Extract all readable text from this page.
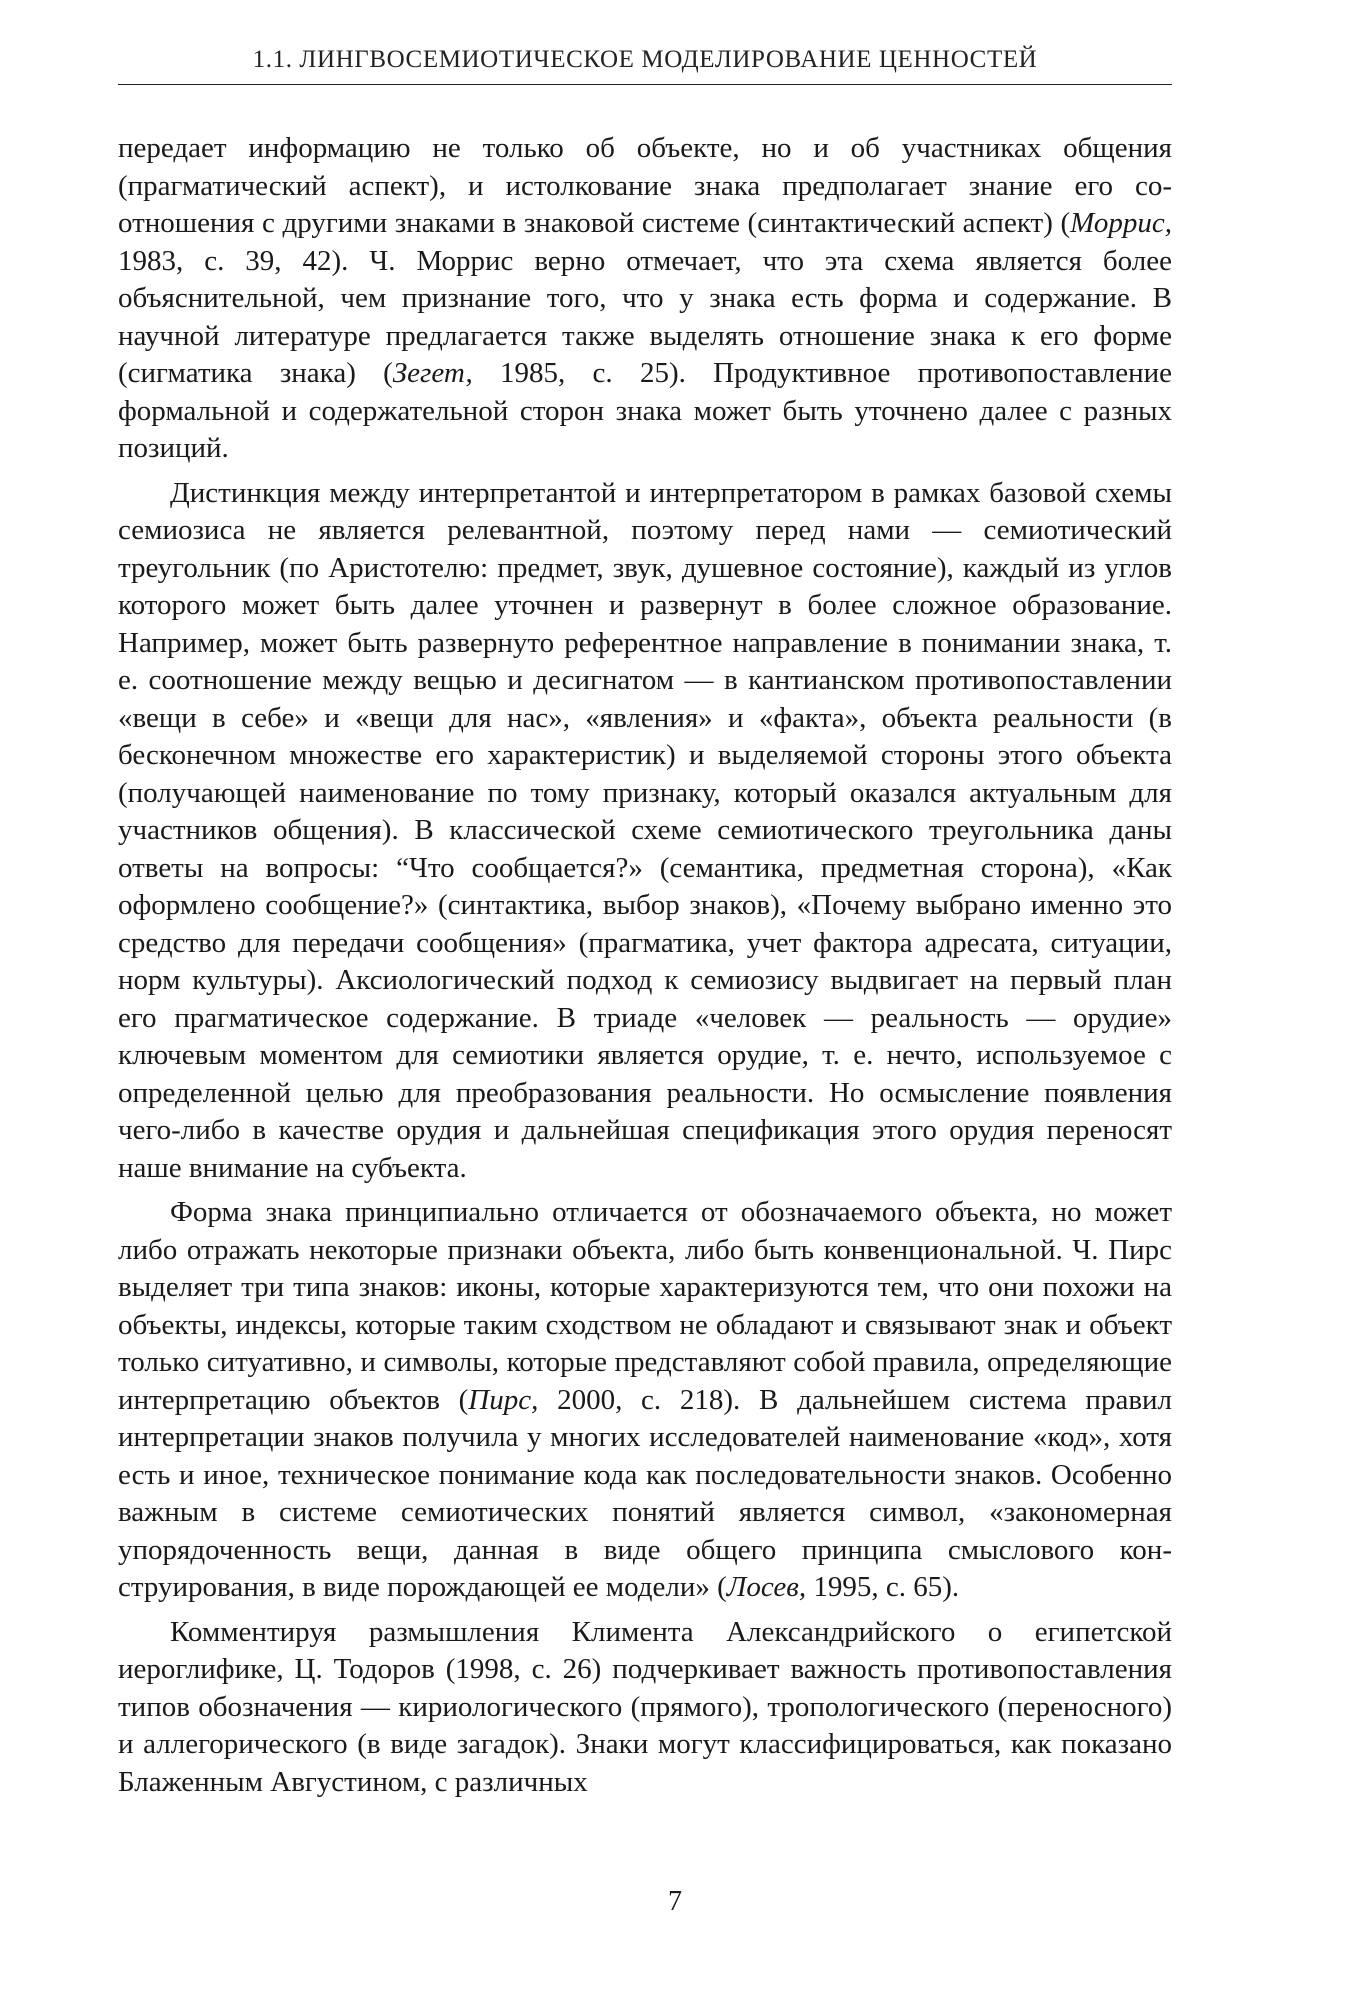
1.1. ЛИНГВОСЕМИОТИЧЕСКОЕ МОДЕЛИРОВАНИЕ ЦЕННОСТЕЙ

передает информацию не только об объекте, но и об участниках общения (прагматический аспект), и истолкование знака предполагает знание его соотношения с другими знаками в знаковой системе (синтактический аспект) (Моррис, 1983, с. 39, 42). Ч. Моррис верно отмечает, что эта схема является более объяснительной, чем признание того, что у знака есть форма и содержание. В научной литературе предлагается также выделять отношение знака к его форме (сигматика знака) (Зегет, 1985, с. 25). Продуктивное противопоставление формальной и содержательной сторон знака может быть уточнено далее с разных позиций.

Дистинкция между интерпретантой и интерпретатором в рамках базовой схемы семиозиса не является релевантной, поэтому перед нами — семиотический треугольник (по Аристотелю: предмет, звук, душевное состояние), каждый из углов которого может быть далее уточнен и развернут в более сложное образование. Например, может быть развернуто референтное направление в понимании знака, т. е. соотношение между вещью и десигнатом — в кантианском противопоставлении «вещи в себе» и «вещи для нас», «явления» и «факта», объекта реальности (в бесконечном множестве его характеристик) и выделяемой стороны этого объекта (получающей наименование по тому признаку, который оказался актуальным для участников общения). В классической схеме семиотического треугольника даны ответы на вопросы: “Что сообщается?» (семантика, предметная сторона), «Как оформлено сообщение?» (синтактика, выбор знаков), «Почему выбрано именно это средство для передачи сообщения» (прагматика, учет фактора адресата, ситуации, норм культуры). Аксиологический подход к семиозису выдвигает на первый план его прагматическое содержание. В триаде «человек — реальность — орудие» ключевым моментом для семиотики является орудие, т. е. нечто, используемое с определенной целью для преобразования реальности. Но осмысление появления чего-либо в качестве орудия и дальнейшая спецификация этого орудия переносят наше внимание на субъекта.

Форма знака принципиально отличается от обозначаемого объекта, но может либо отражать некоторые признаки объекта, либо быть конвенциональной. Ч. Пирс выделяет три типа знаков: иконы, которые характеризуются тем, что они похожи на объекты, индексы, которые таким сходством не обладают и связывают знак и объект только ситуативно, и символы, которые представляют собой правила, определяющие интерпретацию объектов (Пирс, 2000, с. 218). В дальнейшем система правил интерпретации знаков получила у многих исследователей наименование «код», хотя есть и иное, техническое понимание кода как последовательности знаков. Особенно важным в системе семиотических понятий является символ, «закономерная упорядоченность вещи, данная в виде общего принципа смыслового конструирования, в виде порождающей ее модели» (Лосев, 1995, с. 65).

Комментируя размышления Климента Александрийского о египетской иероглифике, Ц. Тодоров (1998, с. 26) подчеркивает важность противопоставления типов обозначения — кириологического (прямого), тропологического (переносного) и аллегорического (в виде загадок). Знаки могут классифицироваться, как показано Блаженным Августином, с различных

7
